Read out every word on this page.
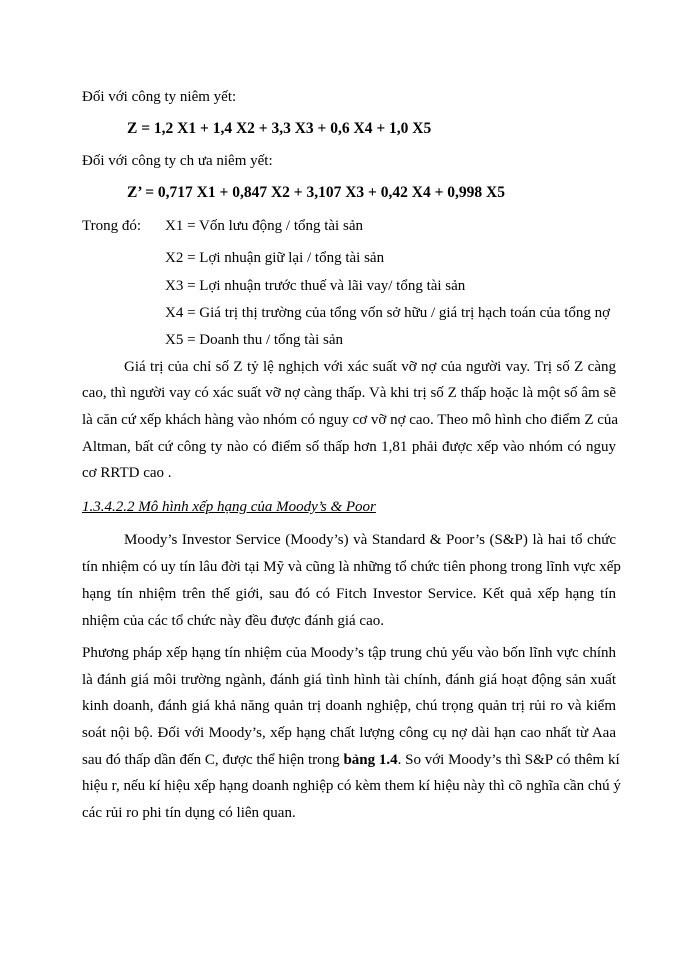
Đối với công ty niêm yết:
Z = 1,2 X1 + 1,4 X2 + 3,3 X3 + 0,6 X4 + 1,0 X5
Đối với công ty ch ưa niêm yết:
Z’ = 0,717 X1 + 0,847 X2 + 3,107 X3 + 0,42 X4 + 0,998 X5
Trong đó: X1 = Vốn lưu động / tổng tài sản
X2 = Lợi nhuận giữ lại / tổng tài sản
X3 = Lợi nhuận trước thuế và lãi vay/ tổng tài sản
X4 = Giá trị thị trường của tổng vốn sở hữu / giá trị hạch toán của tổng nợ
X5 = Doanh thu / tổng tài sản
Giá trị của chỉ số Z tỷ lệ nghịch với xác suất vỡ nợ của người vay. Trị số Z càng
cao, thì người vay có xác suất vỡ nợ càng thấp. Và khi trị số Z thấp hoặc là một số âm sẽ
là căn cứ xếp khách hàng vào nhóm có nguy cơ vỡ nợ cao. Theo mô hình cho điểm Z của
Altman, bất cứ công ty nào có điểm số thấp hơn 1,81 phải được xếp vào nhóm có nguy
cơ RRTD cao .
1.3.4.2.2 Mô hình xếp hạng của Moody’s & Poor
Moody’s Investor Service (Moody’s) và Standard & Poor’s (S&P) là hai tổ chức
tín nhiệm có uy tín lâu đời tại Mỹ và cũng là những tổ chức tiên phong trong lĩnh vực xếp
hạng tín nhiệm trên thế giới, sau đó có Fitch Investor Service. Kết quả xếp hạng tín
nhiệm của các tổ chức này đều được đánh giá cao.
Phương pháp xếp hạng tín nhiệm của Moody’s tập trung chủ yếu vào bốn lĩnh vực chính
là đánh giá môi trường ngành, đánh giá tình hình tài chính, đánh giá hoạt động sản xuất
kinh doanh, đánh giá khả năng quản trị doanh nghiệp, chú trọng quản trị rủi ro và kiểm
soát nội bộ. Đối với Moody’s, xếp hạng chất lượng công cụ nợ dài hạn cao nhất từ Aaa
sau đó thấp dần đến C, được thể hiện trong bảng 1.4. So với Moody’s thì S&P có thêm kí
hiệu r, nếu kí hiệu xếp hạng doanh nghiệp có kèm them kí hiệu này thì cõ nghĩa cần chú ý
các rủi ro phi tín dụng có liên quan.
